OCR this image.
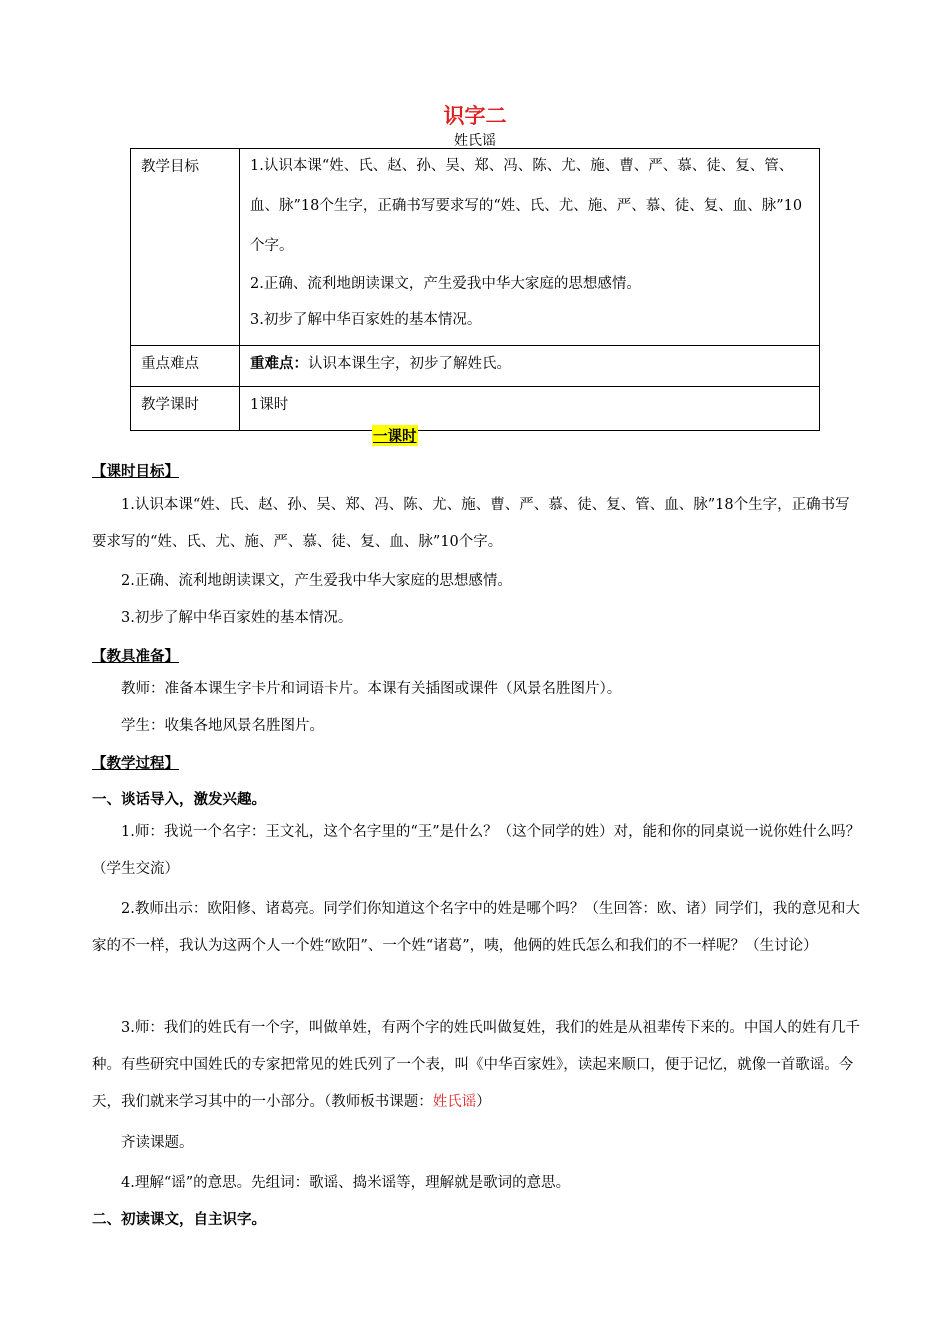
识字二
姓氏谣
教学目标	1.认识本课“姓、氏、赵、孙、吴、郑、冯、陈、尤、施、曹、严、慕、徒、复、管、血、脉”18个生字，正确书写要求写的“姓、氏、尤、施、严、慕、徒、复、血、脉”10个字。

2.正确、流利地朗读课文，产生爱我中华大家庭的思想感情。

3.初步了解中华百家姓的基本情况。

重点难点	重难点：认识本课生字，初步了解姓氏。
教学课时	1课时
一课时
【课时目标】

1.认识本课“姓、氏、赵、孙、吴、郑、冯、陈、尤、施、曹、严、慕、徒、复、管、血、脉”18个生字，正确书写要求写的“姓、氏、尤、施、严、慕、徒、复、血、脉”10个字。

2.正确、流利地朗读课文，产生爱我中华大家庭的思想感情。

3.初步了解中华百家姓的基本情况。

【教具准备】

教师：准备本课生字卡片和词语卡片。本课有关插图或课件（风景名胜图片）。

学生：收集各地风景名胜图片。

【教学过程】
一、谈话导入，激发兴趣。

1.师：我说一个名字：王文礼，这个名字里的“王”是什么？（这个同学的姓）对，能和你的同桌说一说你姓什么吗？（学生交流）

2.教师出示：欧阳修、诸葛亮。同学们你知道这个名字中的姓是哪个吗？（生回答：欧、诸）同学们，我的意见和大家的不一样，我认为这两个人一个姓“欧阳”、一个姓“诸葛”，咦，他俩的姓氏怎么和我们的不一样呢？（生讨论）

3.师：我们的姓氏有一个字，叫做单姓，有两个字的姓氏叫做复姓，我们的姓是从祖辈传下来的。中国人的姓有几千种。有些研究中国姓氏的专家把常见的姓氏列了一个表，叫《中华百家姓》，读起来顺口，便于记忆，就像一首歌谣。今天，我们就来学习其中的一小部分。（教师板书课题：姓氏谣）

齐读课题。

4.理解“谣”的意思。先组词：歌谣、捣米谣等，理解就是歌词的意思。

二、初读课文，自主识字。
